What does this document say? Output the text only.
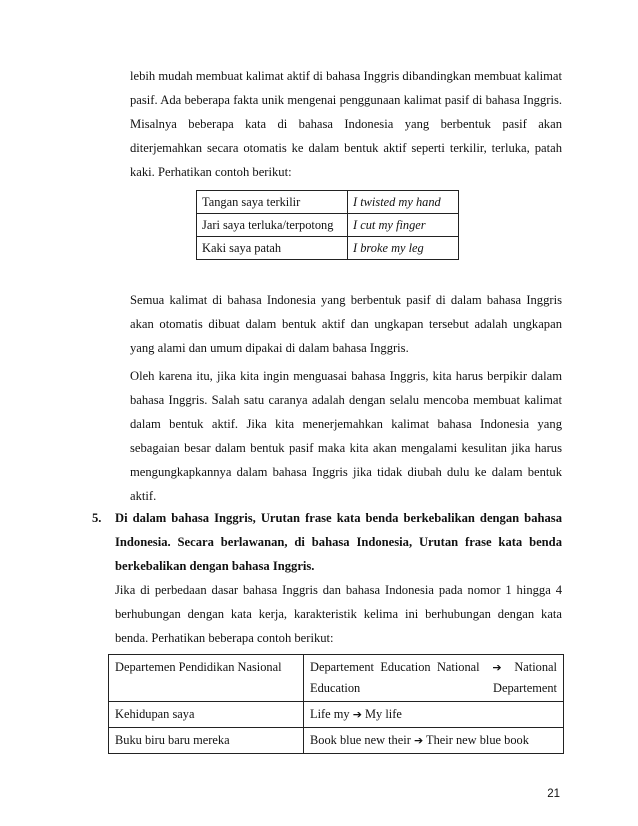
lebih mudah membuat kalimat aktif di bahasa Inggris dibandingkan membuat kalimat pasif. Ada beberapa fakta unik mengenai penggunaan kalimat pasif di bahasa Inggris. Misalnya beberapa kata di bahasa Indonesia yang berbentuk pasif akan diterjemahkan secara otomatis ke dalam bentuk aktif seperti terkilir, terluka, patah kaki. Perhatikan contoh berikut:
Tangan saya terkilir	I twisted my hand
Jari saya terluka/terpotong	I cut my finger
Kaki saya patah	I broke my leg
Semua kalimat di bahasa Indonesia yang berbentuk pasif di dalam bahasa Inggris akan otomatis dibuat dalam bentuk aktif dan ungkapan tersebut adalah ungkapan yang alami dan umum dipakai di dalam bahasa Inggris.
Oleh karena itu, jika kita ingin menguasai bahasa Inggris, kita harus berpikir dalam bahasa Inggris. Salah satu caranya adalah dengan selalu mencoba membuat kalimat dalam bentuk aktif. Jika kita menerjemahkan kalimat bahasa Indonesia yang sebagaian besar dalam bentuk pasif maka kita akan mengalami kesulitan jika harus mengungkapkannya dalam bahasa Inggris jika tidak diubah dulu ke dalam bentuk aktif.
5. Di dalam bahasa Inggris, Urutan frase kata benda berkebalikan dengan bahasa Indonesia. Secara berlawanan, di bahasa Indonesia, Urutan frase kata benda berkebalikan dengan bahasa Inggris.
Jika di perbedaan dasar bahasa Inggris dan bahasa Indonesia pada nomor 1 hingga 4 berhubungan dengan kata kerja, karakteristik kelima ini berhubungan dengan kata benda. Perhatikan beberapa contoh berikut:
Departemen Pendidikan Nasional	Departement Education National ➔ National Education Departement

Kehidupan saya	Life my ➔ My life
Buku biru baru mereka	Book blue new their ➔ Their new blue book
21
